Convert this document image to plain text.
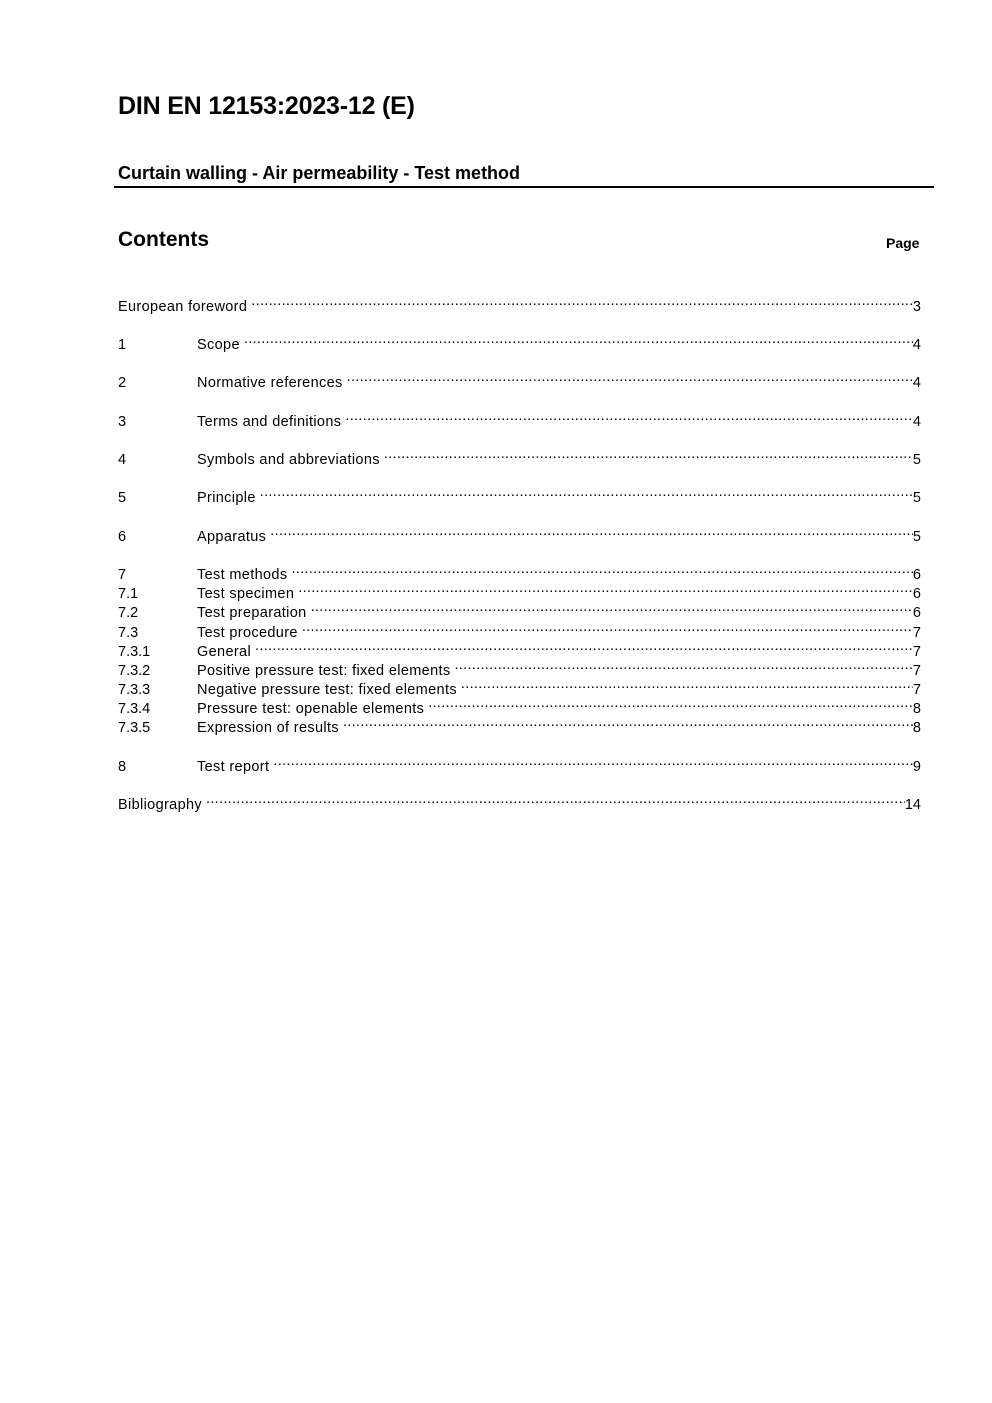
DIN EN 12153:2023-12 (E)
Curtain walling - Air permeability - Test method
Contents	Page
European foreword .....	3
1	Scope .....	4
2	Normative references .....	4
3	Terms and definitions .....	4
4	Symbols and abbreviations .....	5
5	Principle .....	5
6	Apparatus .....	5
7	Test methods .....	6
7.1	Test specimen .....	6
7.2	Test preparation .....	6
7.3	Test procedure .....	7
7.3.1	General .....	7
7.3.2	Positive pressure test: fixed elements .....	7
7.3.3	Negative pressure test: fixed elements .....	7
7.3.4	Pressure test: openable elements .....	8
7.3.5	Expression of results .....	8
8	Test report .....	9
Bibliography .....	14
